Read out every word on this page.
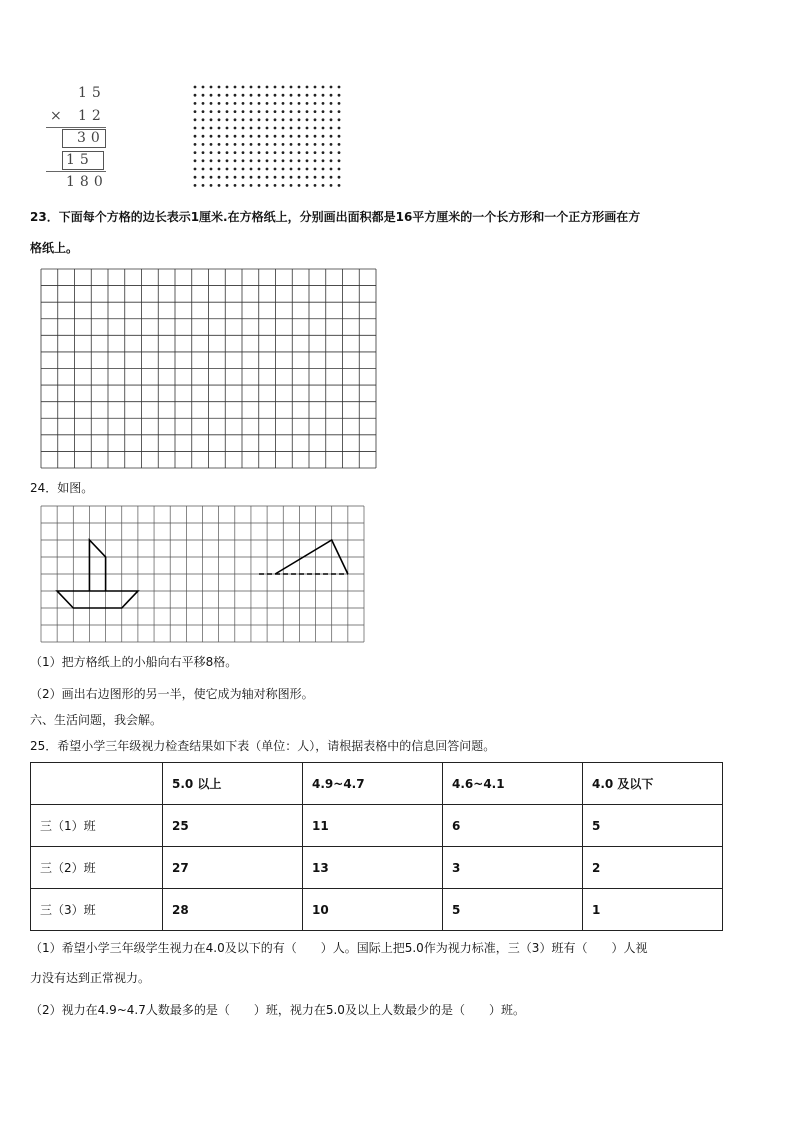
15
× 12
30
15
180
23．下面每个方格的边长表示1厘米.在方格纸上，分别画出面积都是16平方厘米的一个长方形和一个正方形画在方
格纸上。
24．如图。
（1）把方格纸上的小船向右平移8格。
（2）画出右边图形的另一半，使它成为轴对称图形。
六、生活问题，我会解。
25．希望小学三年级视力检查结果如下表（单位：人），请根据表格中的信息回答问题。
	5.0 以上	4.9~4.7	4.6~4.1	4.0 及以下
三（1）班	25	11	6	5
三（2）班	27	13	3	2
三（3）班	28	10	5	1
（1）希望小学三年级学生视力在4.0及以下的有（　　）人。国际上把5.0作为视力标准，三（3）班有（　　）人视
力没有达到正常视力。
（2）视力在4.9~4.7人数最多的是（　　）班，视力在5.0及以上人数最少的是（　　）班。
